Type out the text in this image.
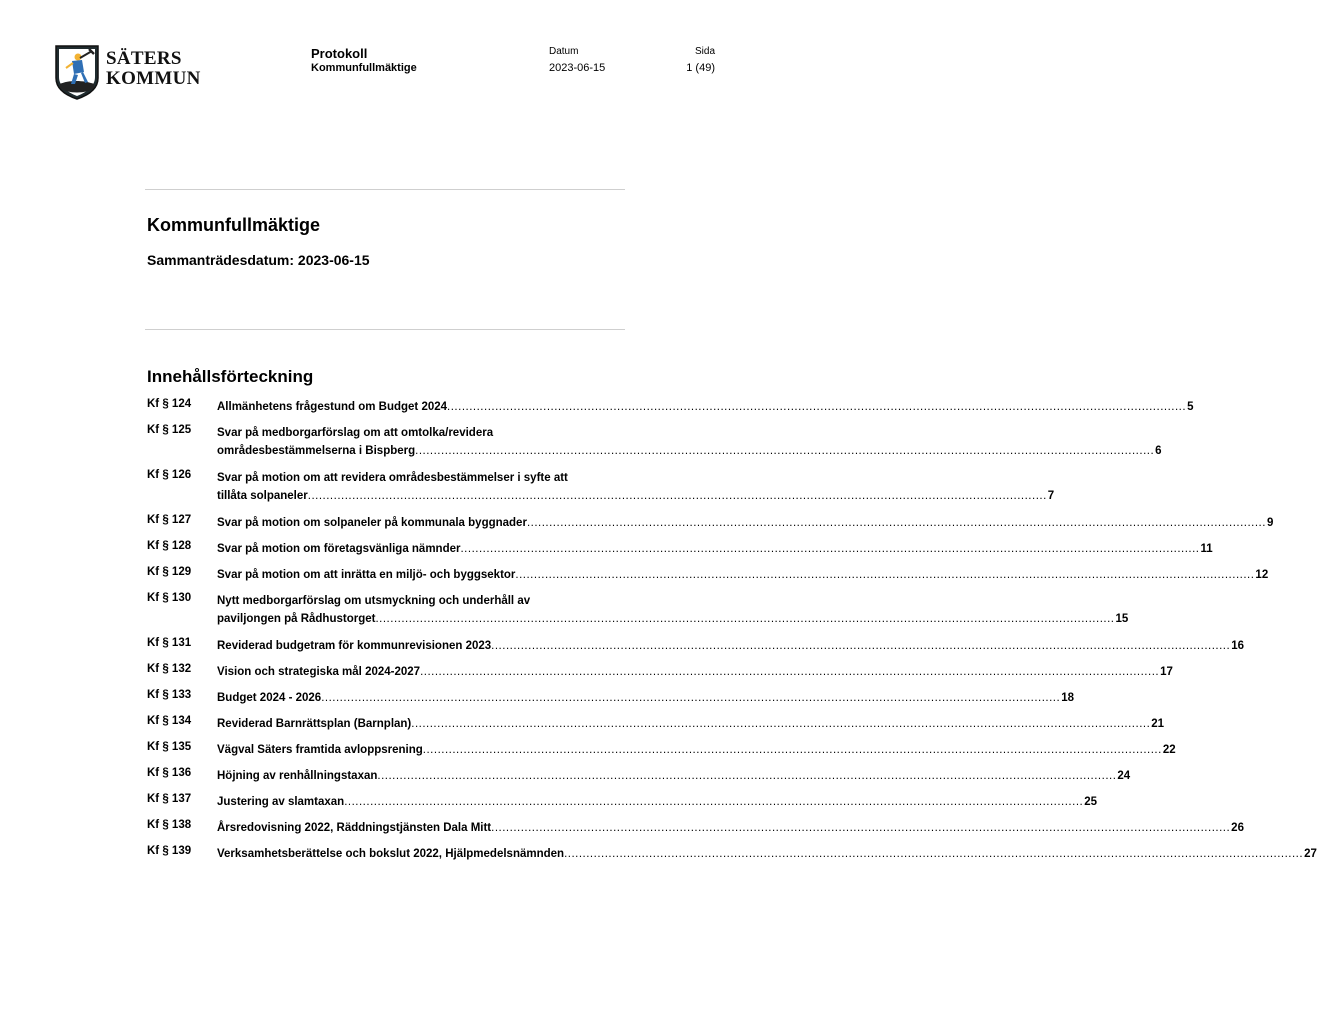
SÄTERS
KOMMUN
Protokoll
Kommunfullmäktige
Datum
2023-06-15
Sida
1 (49)
Kommunfullmäktige
Sammanträdesdatum: 2023-06-15
Innehållsförteckning
Kf § 124	Allmänhetens frågestund om Budget 2024 .....	5
Kf § 125	Svar på medborgarförslag om att omtolka/revidera
områdesbestämmelserna i Bispberg .....	6
Kf § 126	Svar på motion om att revidera områdesbestämmelser i syfte att
tillåta solpaneler .....	7
Kf § 127	Svar på motion om solpaneler på kommunala byggnader .....	9
Kf § 128	Svar på motion om företagsvänliga nämnder .....	11
Kf § 129	Svar på motion om att inrätta en miljö- och byggsektor .....	12
Kf § 130	Nytt medborgarförslag om utsmyckning och underhåll av
paviljongen på Rådhustorget .....	15
Kf § 131	Reviderad budgetram för kommunrevisionen 2023 .....	16
Kf § 132	Vision och strategiska mål 2024-2027 .....	17
Kf § 133	Budget 2024 - 2026 .....	18
Kf § 134	Reviderad Barnrättsplan (Barnplan) .....	21
Kf § 135	Vägval Säters framtida avloppsrening .....	22
Kf § 136	Höjning av renhållningstaxan .....	24
Kf § 137	Justering av slamtaxan .....	25
Kf § 138	Årsredovisning 2022, Räddningstjänsten Dala Mitt .....	26
Kf § 139	Verksamhetsberättelse och bokslut 2022, Hjälpmedelsnämnden .....	27
